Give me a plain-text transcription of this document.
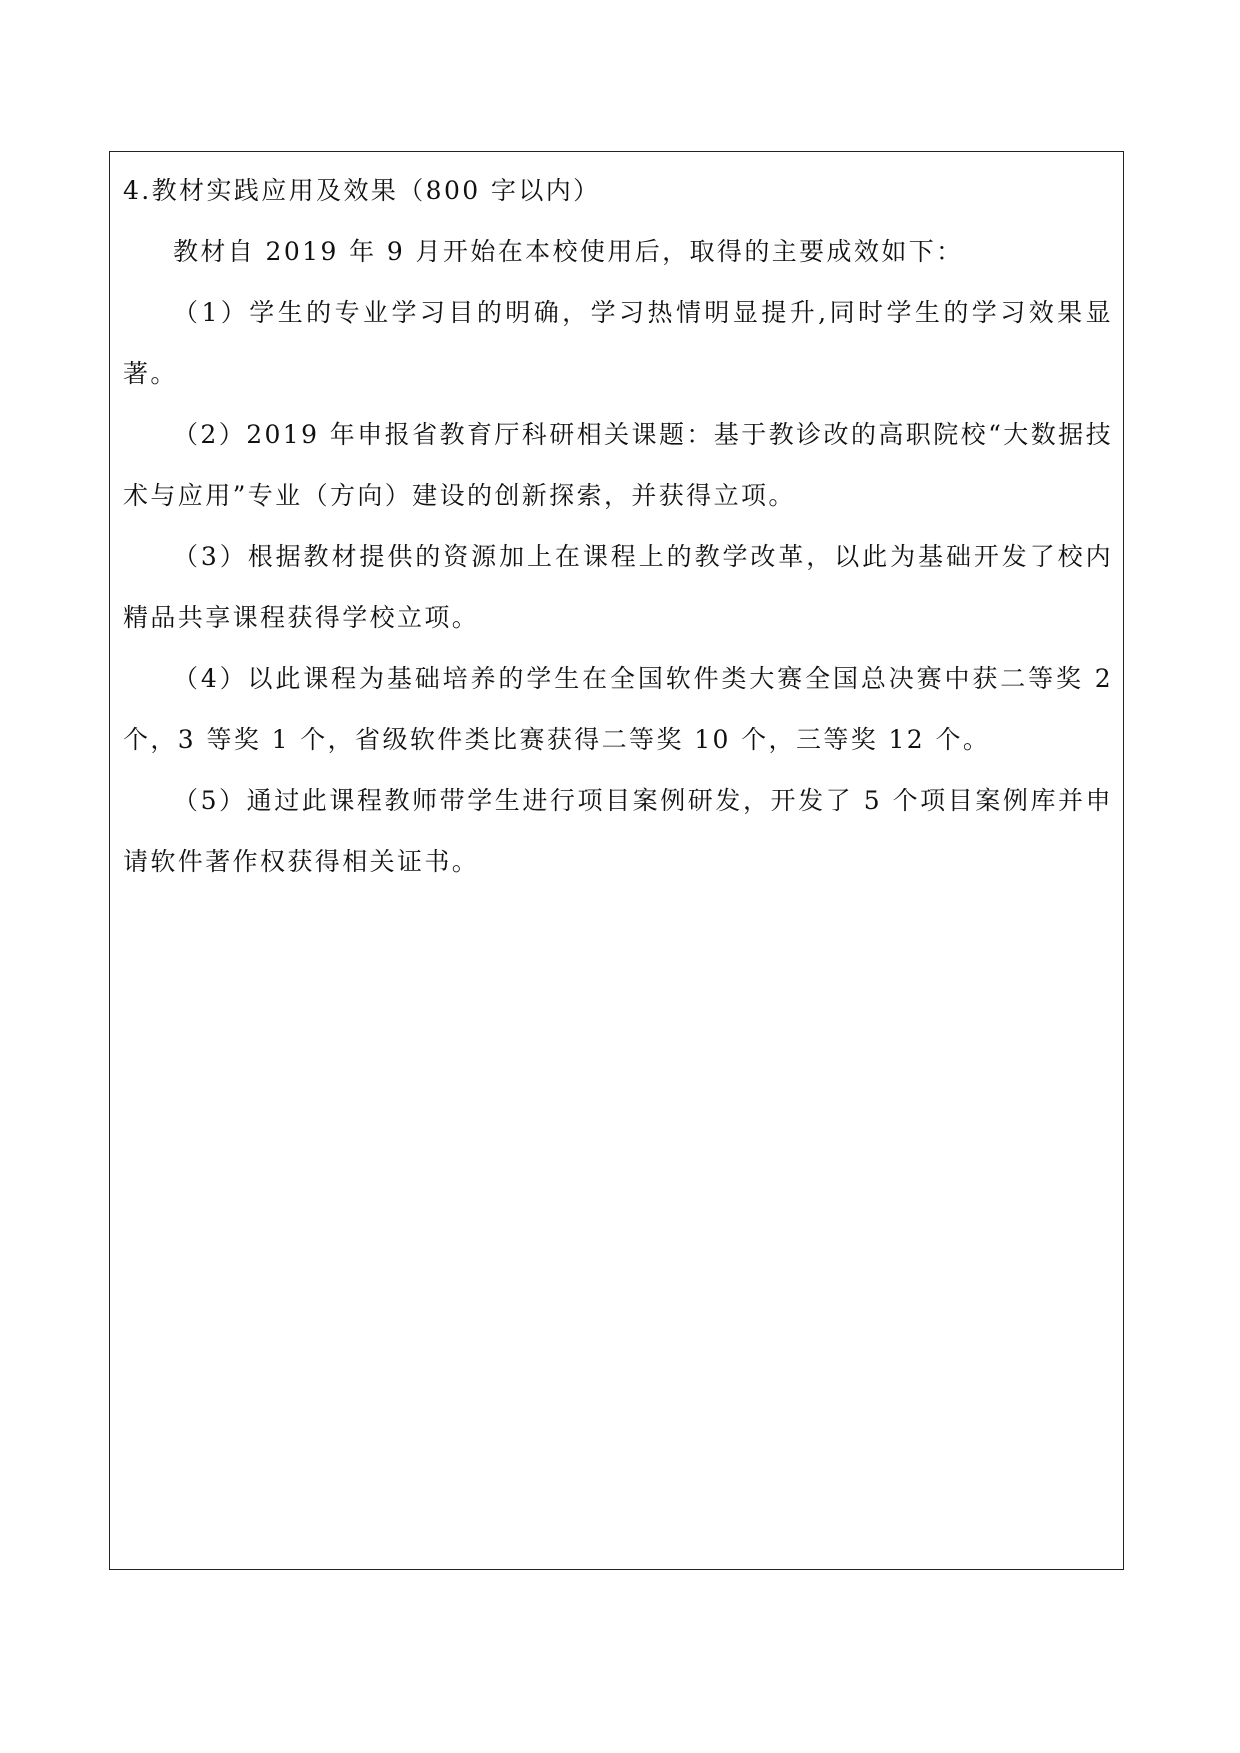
4.教材实践应用及效果（800 字以内）

教材自 2019 年 9 月开始在本校使用后，取得的主要成效如下：

（1）学生的专业学习目的明确，学习热情明显提升,同时学生的学习效果显著。

（2）2019 年申报省教育厅科研相关课题：基于教诊改的高职院校“大数据技术与应用”专业（方向）建设的创新探索，并获得立项。

（3）根据教材提供的资源加上在课程上的教学改革，以此为基础开发了校内精品共享课程获得学校立项。

（4）以此课程为基础培养的学生在全国软件类大赛全国总决赛中获二等奖 2 个，3 等奖 1 个，省级软件类比赛获得二等奖 10 个，三等奖 12 个。

（5）通过此课程教师带学生进行项目案例研发，开发了 5 个项目案例库并申请软件著作权获得相关证书。
